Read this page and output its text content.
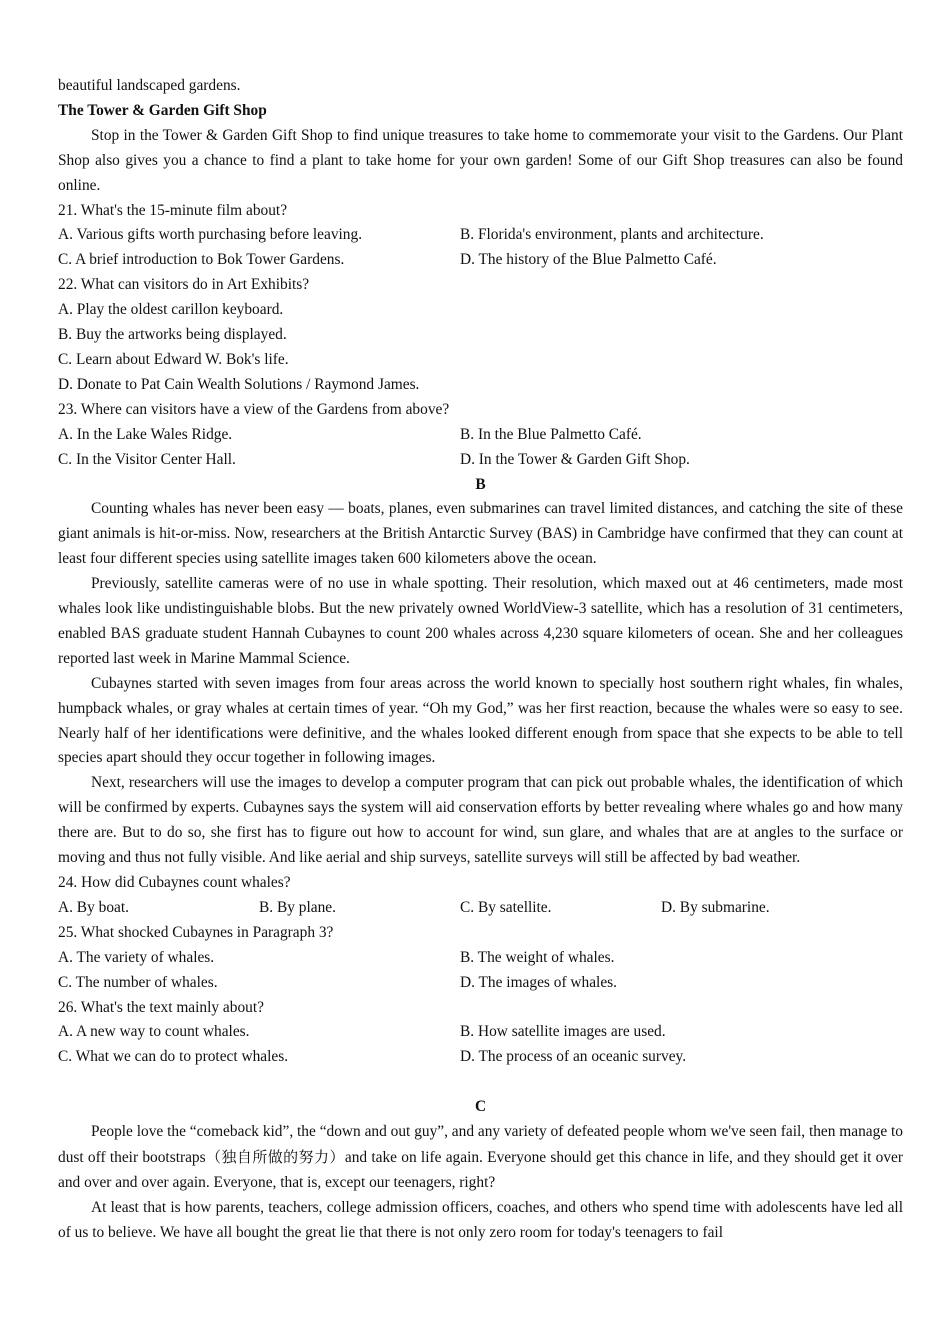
beautiful landscaped gardens.
The Tower & Garden Gift Shop

Stop in the Tower & Garden Gift Shop to find unique treasures to take home to commemorate your visit to the Gardens. Our Plant Shop also gives you a chance to find a plant to take home for your own garden! Some of our Gift Shop treasures can also be found online.

21. What's the 15-minute film about?
A. Various gifts worth purchasing before leaving.	B. Florida's environment, plants and architecture.
C. A brief introduction to Bok Tower Gardens.	D. The history of the Blue Palmetto Café.
22. What can visitors do in Art Exhibits?
A. Play the oldest carillon keyboard.
B. Buy the artworks being displayed.
C. Learn about Edward W. Bok's life.
D. Donate to Pat Cain Wealth Solutions / Raymond James.
23. Where can visitors have a view of the Gardens from above?
A. In the Lake Wales Ridge.	B. In the Blue Palmetto Café.
C. In the Visitor Center Hall.	D. In the Tower & Garden Gift Shop.
B

Counting whales has never been easy — boats, planes, even submarines can travel limited distances, and catching the site of these giant animals is hit-or-miss. Now, researchers at the British Antarctic Survey (BAS) in Cambridge have confirmed that they can count at least four different species using satellite images taken 600 kilometers above the ocean.

Previously, satellite cameras were of no use in whale spotting. Their resolution, which maxed out at 46 centimeters, made most whales look like undistinguishable blobs. But the new privately owned WorldView-3 satellite, which has a resolution of 31 centimeters, enabled BAS graduate student Hannah Cubaynes to count 200 whales across 4,230 square kilometers of ocean. She and her colleagues reported last week in Marine Mammal Science.

Cubaynes started with seven images from four areas across the world known to specially host southern right whales, fin whales, humpback whales, or gray whales at certain times of year. “Oh my God,” was her first reaction, because the whales were so easy to see. Nearly half of her identifications were definitive, and the whales looked different enough from space that she expects to be able to tell species apart should they occur together in following images.

Next, researchers will use the images to develop a computer program that can pick out probable whales, the identification of which will be confirmed by experts. Cubaynes says the system will aid conservation efforts by better revealing where whales go and how many there are. But to do so, she first has to figure out how to account for wind, sun glare, and whales that are at angles to the surface or moving and thus not fully visible. And like aerial and ship surveys, satellite surveys will still be affected by bad weather.

24. How did Cubaynes count whales?
A. By boat.	B. By plane.	C. By satellite.	D. By submarine.
25. What shocked Cubaynes in Paragraph 3?
A. The variety of whales.	B. The weight of whales.
C. The number of whales.	D. The images of whales.
26. What's the text mainly about?
A. A new way to count whales.	B. How satellite images are used.
C. What we can do to protect whales.	D. The process of an oceanic survey.
C

People love the “comeback kid”, the “down and out guy”, and any variety of defeated people whom we've seen fail, then manage to dust off their bootstraps（独自所做的努力）and take on life again. Everyone should get this chance in life, and they should get it over and over and over again. Everyone, that is, except our teenagers, right?

At least that is how parents, teachers, college admission officers, coaches, and others who spend time with adolescents have led all of us to believe. We have all bought the great lie that there is not only zero room for today's teenagers to fail
